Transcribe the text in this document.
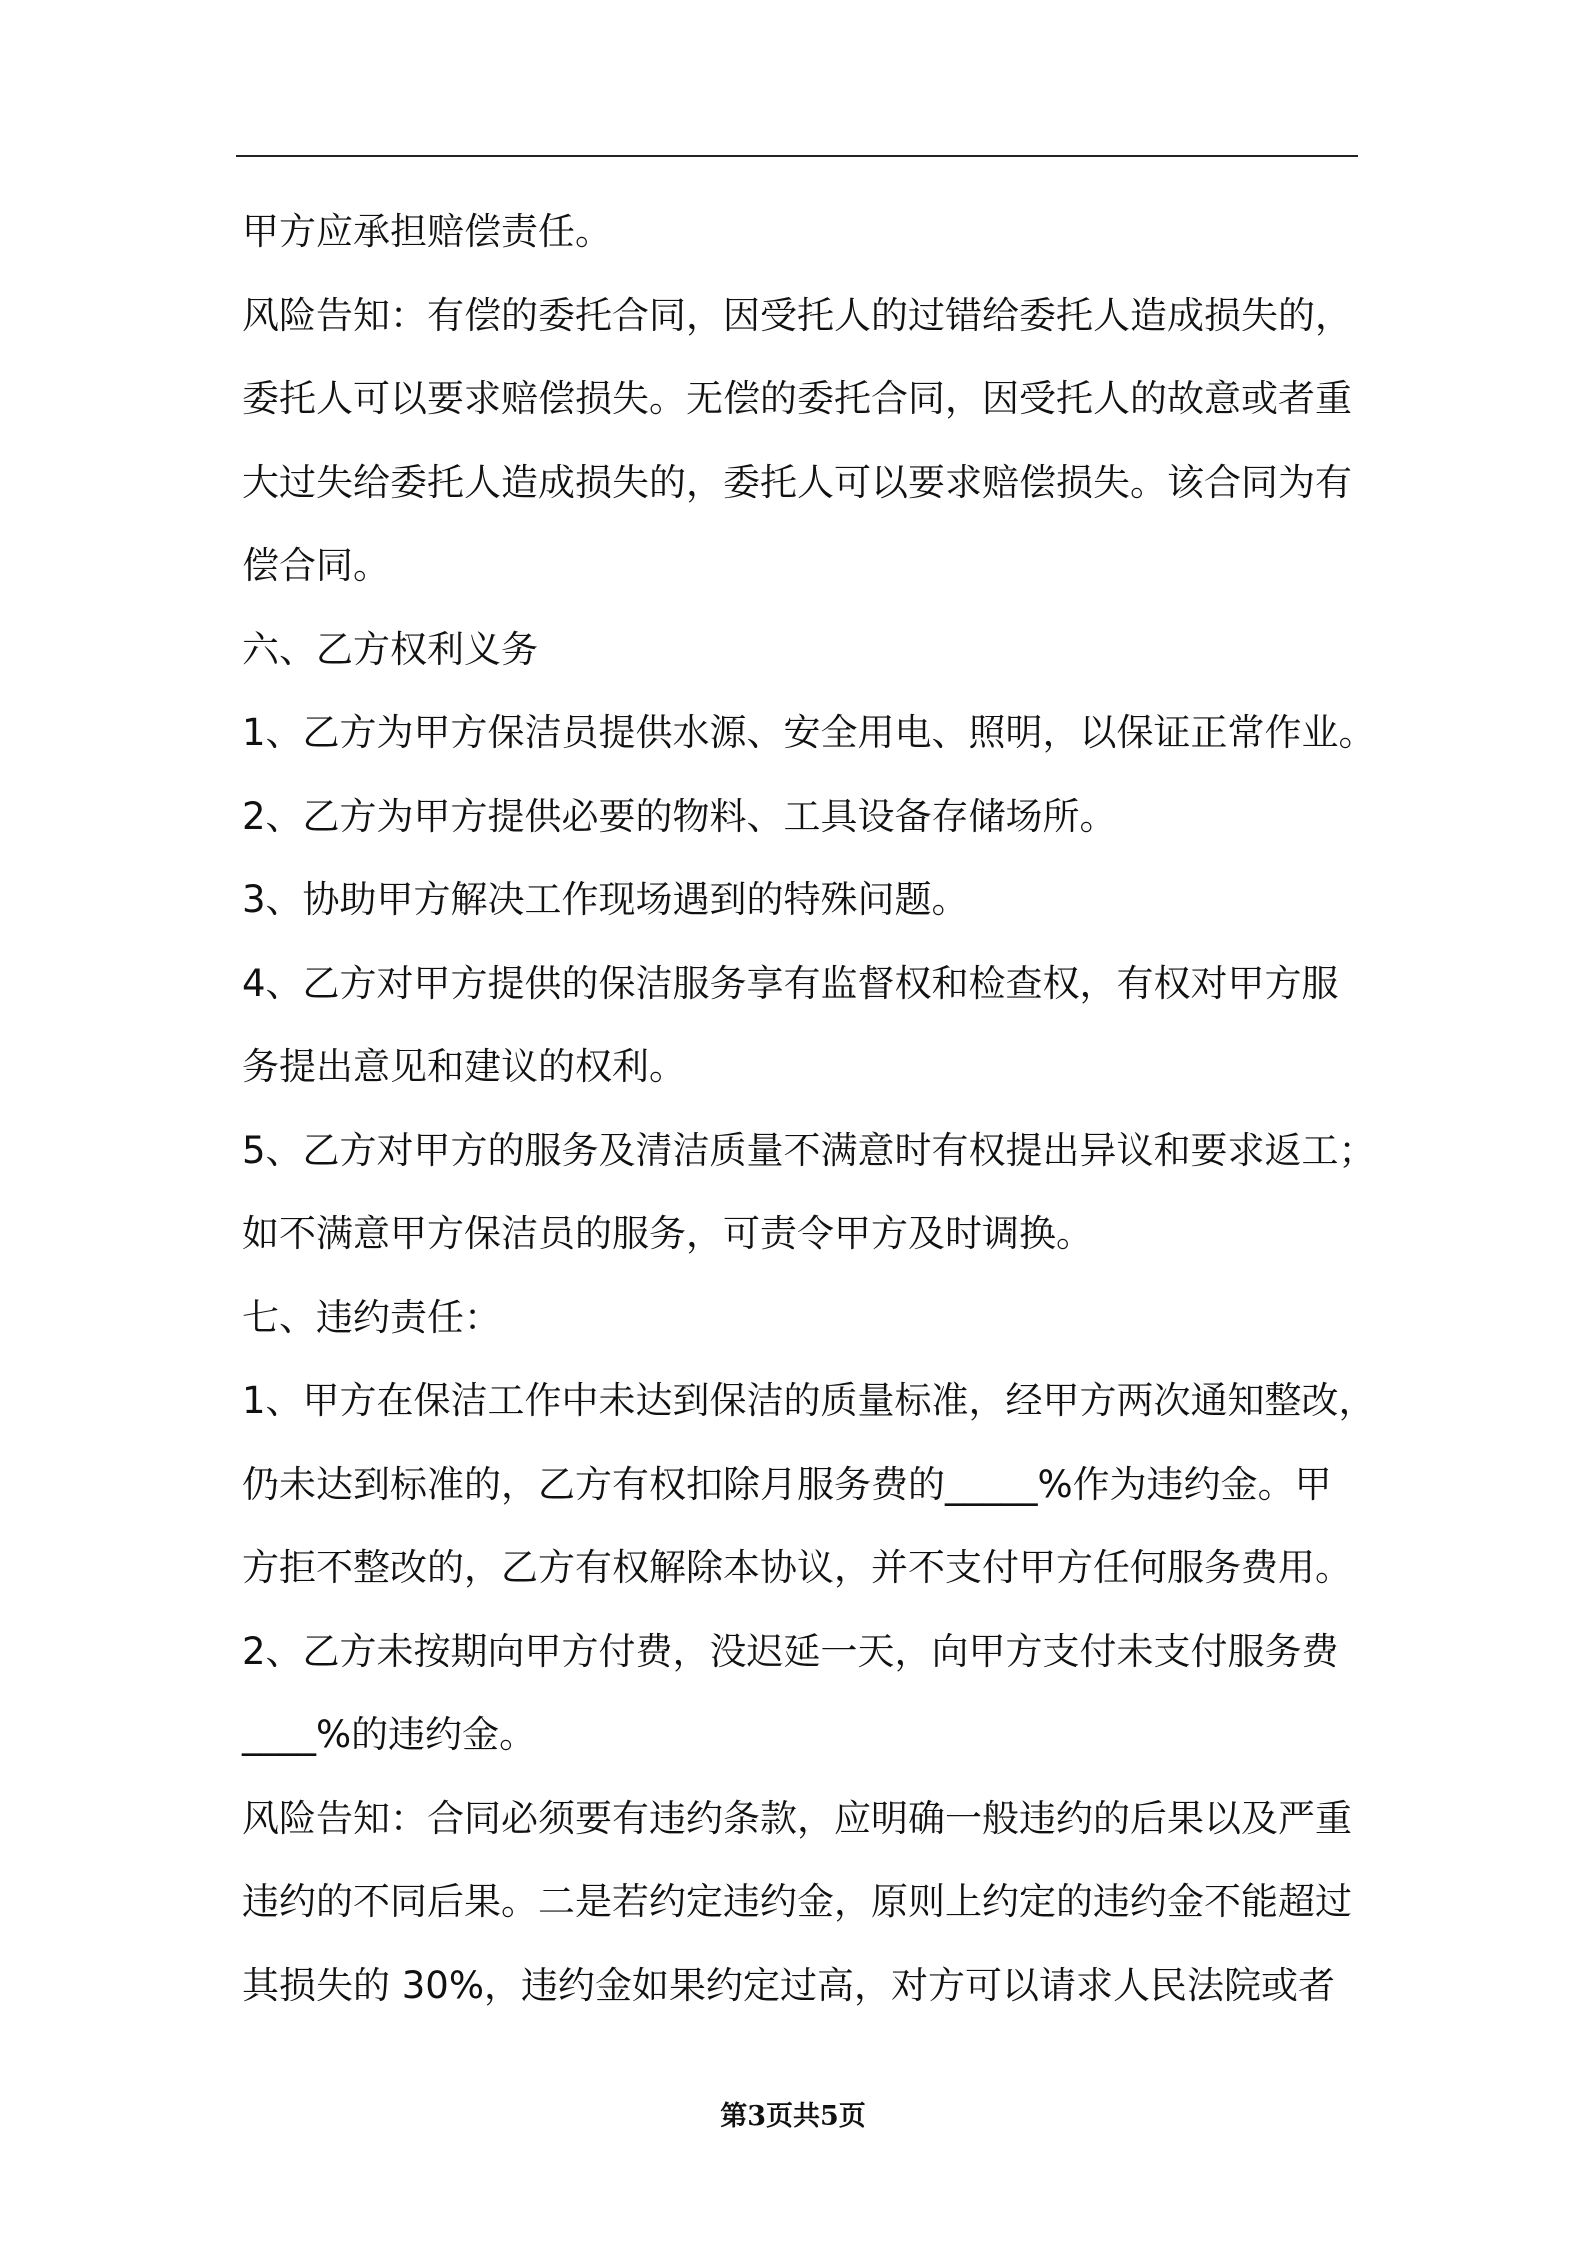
甲方应承担赔偿责任。
风险告知：有偿的委托合同，因受托人的过错给委托人造成损失的，
委托人可以要求赔偿损失。无偿的委托合同，因受托人的故意或者重
大过失给委托人造成损失的，委托人可以要求赔偿损失。该合同为有
偿合同。
六、乙方权利义务
1、乙方为甲方保洁员提供水源、安全用电、照明，以保证正常作业。
2、乙方为甲方提供必要的物料、工具设备存储场所。
3、协助甲方解决工作现场遇到的特殊问题。
4、乙方对甲方提供的保洁服务享有监督权和检查权，有权对甲方服
务提出意见和建议的权利。
5、乙方对甲方的服务及清洁质量不满意时有权提出异议和要求返工；
如不满意甲方保洁员的服务，可责令甲方及时调换。
七、违约责任：
1、甲方在保洁工作中未达到保洁的质量标准，经甲方两次通知整改，
仍未达到标准的，乙方有权扣除月服务费的_____%作为违约金。甲
方拒不整改的，乙方有权解除本协议，并不支付甲方任何服务费用。
2、乙方未按期向甲方付费，没迟延一天，向甲方支付未支付服务费
____%的违约金。
风险告知：合同必须要有违约条款，应明确一般违约的后果以及严重
违约的不同后果。二是若约定违约金，原则上约定的违约金不能超过
其损失的 30%，违约金如果约定过高，对方可以请求人民法院或者
第3页共5页
